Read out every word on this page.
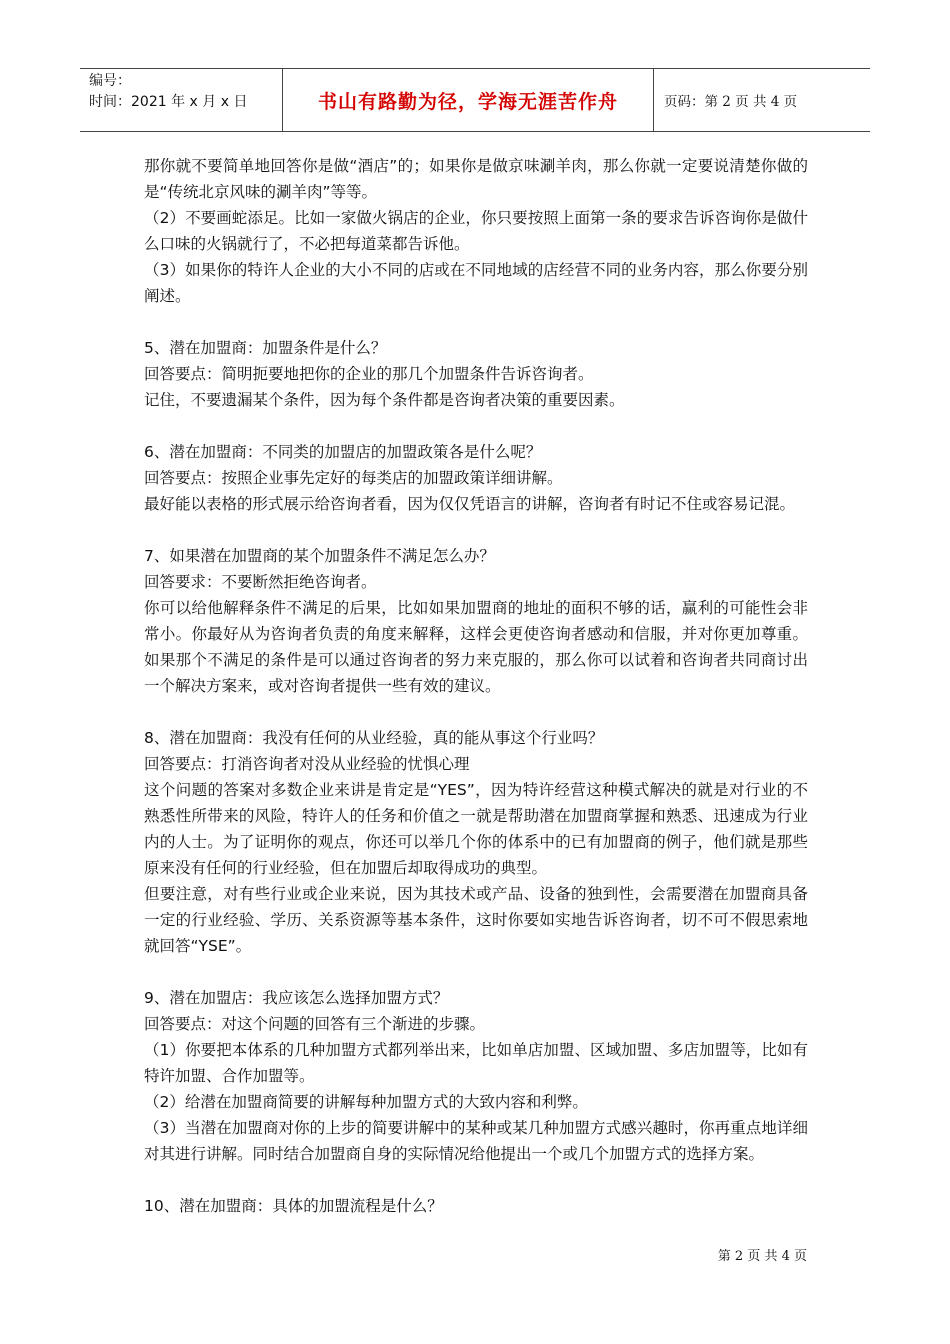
编号：
时间：2021 年 x 月 x 日	书山有路勤为径，学海无涯苦作舟	页码：第 2 页 共 4 页

那你就不要简单地回答你是做“酒店”的；如果你是做京味涮羊肉，那么你就一定要说清楚你做的是“传统北京风味的涮羊肉”等等。

（2）不要画蛇添足。比如一家做火锅店的企业，你只要按照上面第一条的要求告诉咨询你是做什么口味的火锅就行了，不必把每道菜都告诉他。

（3）如果你的特许人企业的大小不同的店或在不同地域的店经营不同的业务内容，那么你要分别阐述。

5、潜在加盟商：加盟条件是什么？

回答要点：简明扼要地把你的企业的那几个加盟条件告诉咨询者。

记住，不要遗漏某个条件，因为每个条件都是咨询者决策的重要因素。

6、潜在加盟商：不同类的加盟店的加盟政策各是什么呢？

回答要点：按照企业事先定好的每类店的加盟政策详细讲解。

最好能以表格的形式展示给咨询者看，因为仅仅凭语言的讲解，咨询者有时记不住或容易记混。

7、如果潜在加盟商的某个加盟条件不满足怎么办？

回答要求：不要断然拒绝咨询者。

你可以给他解释条件不满足的后果，比如如果加盟商的地址的面积不够的话，赢利的可能性会非常小。你最好从为咨询者负责的角度来解释，这样会更使咨询者感动和信服，并对你更加尊重。如果那个不满足的条件是可以通过咨询者的努力来克服的，那么你可以试着和咨询者共同商讨出一个解决方案来，或对咨询者提供一些有效的建议。

8、潜在加盟商：我没有任何的从业经验，真的能从事这个行业吗？

回答要点：打消咨询者对没从业经验的忧惧心理

这个问题的答案对多数企业来讲是肯定是“YES”，因为特许经营这种模式解决的就是对行业的不熟悉性所带来的风险，特许人的任务和价值之一就是帮助潜在加盟商掌握和熟悉、迅速成为行业内的人士。为了证明你的观点，你还可以举几个你的体系中的已有加盟商的例子，他们就是那些原来没有任何的行业经验，但在加盟后却取得成功的典型。

但要注意，对有些行业或企业来说，因为其技术或产品、设备的独到性，会需要潜在加盟商具备一定的行业经验、学历、关系资源等基本条件，这时你要如实地告诉咨询者，切不可不假思索地就回答“YSE”。

9、潜在加盟店：我应该怎么选择加盟方式？

回答要点：对这个问题的回答有三个渐进的步骤。

（1）你要把本体系的几种加盟方式都列举出来，比如单店加盟、区域加盟、多店加盟等，比如有特许加盟、合作加盟等。

（2）给潜在加盟商简要的讲解每种加盟方式的大致内容和利弊。

（3）当潜在加盟商对你的上步的简要讲解中的某种或某几种加盟方式感兴趣时，你再重点地详细对其进行讲解。同时结合加盟商自身的实际情况给他提出一个或几个加盟方式的选择方案。

10、潜在加盟商：具体的加盟流程是什么？

第 2 页 共 4 页
